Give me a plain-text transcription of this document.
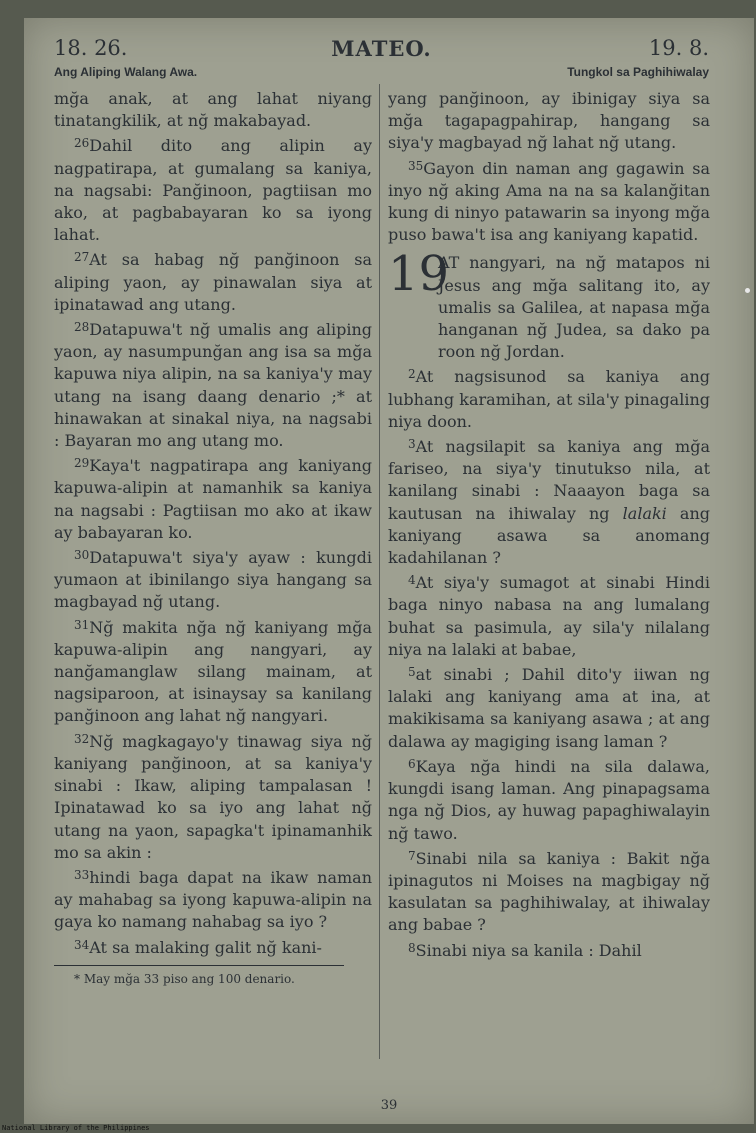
18. 26.	MATEO.	19. 8.
Ang Aliping Walang Awa.	Tungkol sa Paghihiwalay

mğa anak, at ang lahat niyang tinatangkilik, at nğ makabayad.

$^{26}$Dahil dito ang alipin ay nagpatirapa, at gumalang sa kaniya, na nagsabi: Panğinoon, pagtiisan mo ako, at pagbabayaran ko sa iyong lahat.

$^{27}$At sa habag nğ panğinoon sa aliping yaon, ay pinawalan siya at ipinatawad ang utang.

$^{28}$Datapuwa't nğ umalis ang aliping yaon, ay nasumpunğan ang isa sa mğa kapuwa niya alipin, na sa kaniya'y may utang na isang daang denario ;* at hinawakan at sinakal niya, na nagsabi : Bayaran mo ang utang mo.

$^{29}$Kaya't nagpatirapa ang kaniyang kapuwa-alipin at namanhik sa kaniya na nagsabi : Pagtiisan mo ako at ikaw ay babayaran ko.

$^{30}$Datapuwa't siya'y ayaw : kungdi yumaon at ibinilango siya hangang sa magbayad nğ utang.

$^{31}$Nğ makita nğa nğ kaniyang mğa kapuwa-alipin ang nangyari, ay nanğamanglaw silang mainam, at nagsiparoon, at isinaysay sa kanilang panğinoon ang lahat nğ nangyari.

$^{32}$Nğ magkagayo'y tinawag siya nğ kaniyang panğinoon, at sa kaniya'y sinabi : Ikaw, aliping tampalasan ! Ipinatawad ko sa iyo ang lahat nğ utang na yaon, sapagka't ipinamanhik mo sa akin :

$^{33}$hindi baga dapat na ikaw naman ay mahabag sa iyong kapuwa-alipin na gaya ko namang nahabag sa iyo ?

$^{34}$At sa malaking galit nğ kani-

* May mğa 33 piso ang 100 denario.

yang panğinoon, ay ibinigay siya sa mğa tagapagpahirap, hangang sa siya'y magbayad nğ lahat nğ utang.

$^{35}$Gayon din naman ang gagawin sa inyo nğ aking Ama na na sa kalanğitan kung di ninyo patawarin sa inyong mğa puso bawa't isa ang kaniyang kapatid.

19
AT nangyari, na nğ matapos ni Jesus ang mğa salitang ito, ay umalis sa Galilea, at napasa mğa hanganan nğ Judea, sa dako pa roon nğ Jordan.

$^2$At nagsisunod sa kaniya ang lubhang karamihan, at sila'y pinagaling niya doon.

$^3$At nagsilapit sa kaniya ang mğa fariseo, na siya'y tinutukso nila, at kanilang sinabi : Naaayon baga sa kautusan na ihiwalay ng lalaki ang kaniyang asawa sa anomang kadahilanan ?

$^4$At siya'y sumagot at sinabi Hindi baga ninyo nabasa na ang lumalang buhat sa pasimula, ay sila'y nilalang niya na lalaki at babae,

$^5$at sinabi ; Dahil dito'y iiwan ng lalaki ang kaniyang ama at ina, at makikisama sa kaniyang asawa ; at ang dalawa ay magiging isang laman ?

$^6$Kaya nğa hindi na sila dalawa, kungdi isang laman. Ang pinapagsama nga nğ Dios, ay huwag papaghiwalayin nğ tawo.

$^7$Sinabi nila sa kaniya : Bakit nğa ipinagutos ni Moises na magbigay nğ kasulatan sa paghihiwalay, at ihiwalay ang babae ?

$^8$Sinabi niya sa kanila : Dahil

39
National Library of the Philippines
